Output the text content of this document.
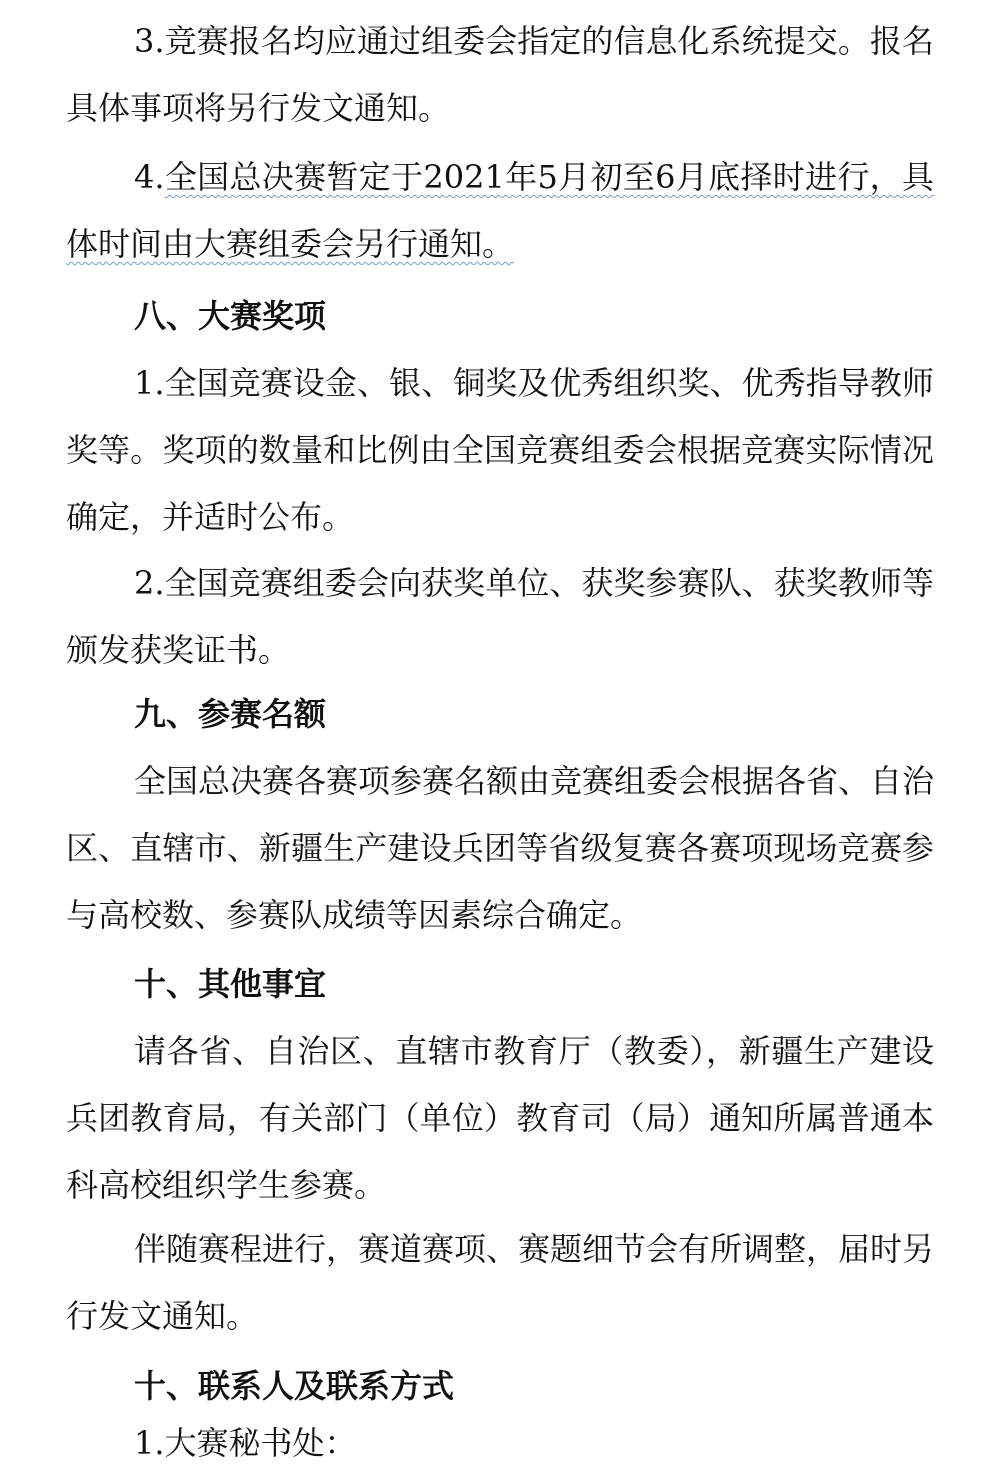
3.竞赛报名均应通过组委会指定的信息化系统提交。报名具体事项将另行发文通知。

4.全国总决赛暂定于2021年5月初至6月底择时进行，具体时间由大赛组委会另行通知。

八、大赛奖项

1.全国竞赛设金、银、铜奖及优秀组织奖、优秀指导教师奖等。奖项的数量和比例由全国竞赛组委会根据竞赛实际情况确定，并适时公布。

2.全国竞赛组委会向获奖单位、获奖参赛队、获奖教师等颁发获奖证书。

九、参赛名额

全国总决赛各赛项参赛名额由竞赛组委会根据各省、自治区、直辖市、新疆生产建设兵团等省级复赛各赛项现场竞赛参与高校数、参赛队成绩等因素综合确定。

十、其他事宜

请各省、自治区、直辖市教育厅（教委），新疆生产建设兵团教育局，有关部门（单位）教育司（局）通知所属普通本科高校组织学生参赛。

伴随赛程进行，赛道赛项、赛题细节会有所调整，届时另行发文通知。

十、联系人及联系方式

1.大赛秘书处：
